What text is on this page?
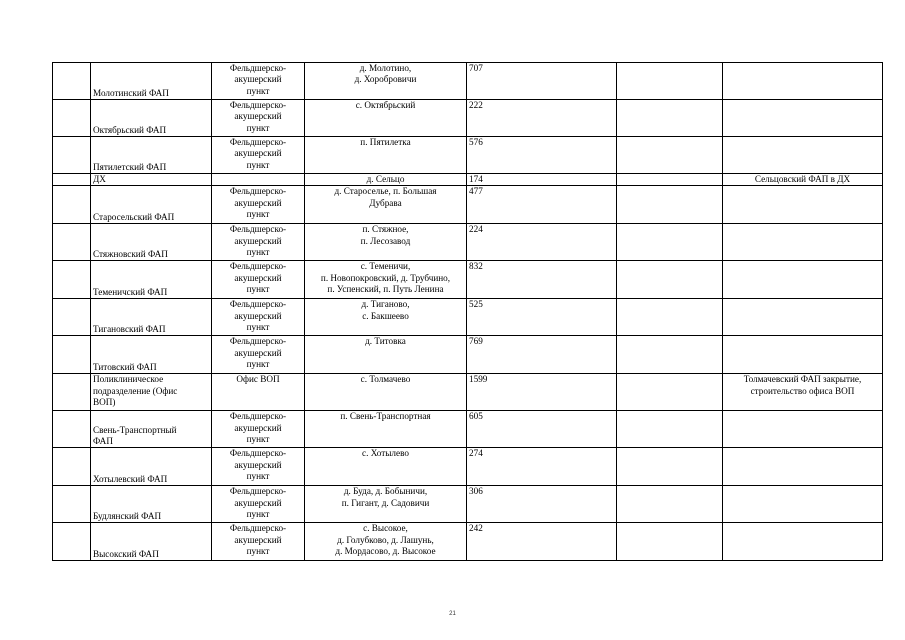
	Молотинский ФАП	Фельдшерско-
акушерский
пункт	д. Молотино,
д. Хоробровичи	707		

	Октябрьский ФАП	Фельдшерско-
акушерский
пункт	с. Октябрьский	222		

	Пятилетский ФАП	Фельдшерско-
акушерский
пункт	п. Пятилетка	576		

	ДХ		д. Сельцо	174		Сельцовский ФАП в ДХ

	Старосельский ФАП	Фельдшерско-
акушерский
пункт	д. Староселье, п. Большая
Дубрава	477		

	Стяжновский ФАП	Фельдшерско-
акушерский
пункт	п. Стяжное,
п. Лесозавод	224		

	Теменичский ФАП	Фельдшерско-
акушерский
пункт	с. Теменичи,
п. Новопокровский, д. Трубчино,
п. Успенский, п. Путь Ленина	832		

	Тигановский ФАП	Фельдшерско-
акушерский
пункт	д. Тиганово,
с. Бакшеево	525		

	Титовский ФАП	Фельдшерско-
акушерский
пункт	д. Титовка	769		

	Поликлиническое
подразделение (Офис
ВОП)	Офис ВОП	с. Толмачево	1599		Толмачевский ФАП закрытие,
строительство офиса ВОП

	Свень-Транспортный
ФАП	Фельдшерско-
акушерский
пункт	п. Свень-Транспортная	605		

	Хотылевский ФАП	Фельдшерско-
акушерский
пункт	с. Хотылево	274		

	Будлянский ФАП	Фельдшерско-
акушерский
пункт	д. Буда, д. Бобыничи,
п. Гигант, д. Садовичи	306		

	Высокский ФАП	Фельдшерско-
акушерский
пункт	с. Высокое,
д. Голубково, д. Лашунь,
д. Мордасово, д. Высокое	242		
21
